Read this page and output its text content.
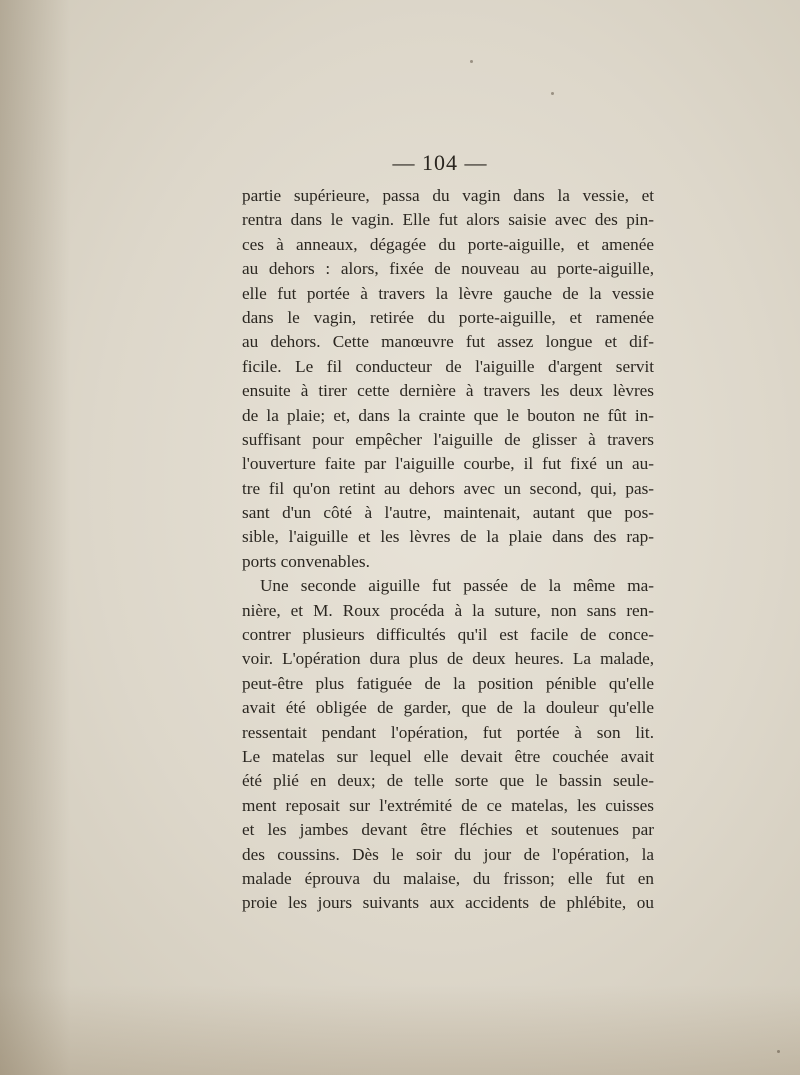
— 104 —

partie supérieure, passa du vagin dans la vessie, et
rentra dans le vagin. Elle fut alors saisie avec des pin-
ces à anneaux, dégagée du porte-aiguille, et amenée
au dehors : alors, fixée de nouveau au porte-aiguille,
elle fut portée à travers la lèvre gauche de la vessie
dans le vagin, retirée du porte-aiguille, et ramenée
au dehors. Cette manœuvre fut assez longue et dif-
ficile. Le fil conducteur de l'aiguille d'argent servit
ensuite à tirer cette dernière à travers les deux lèvres
de la plaie; et, dans la crainte que le bouton ne fût in-
suffisant pour empêcher l'aiguille de glisser à travers
l'ouverture faite par l'aiguille courbe, il fut fixé un au-
tre fil qu'on retint au dehors avec un second, qui, pas-
sant d'un côté à l'autre, maintenait, autant que pos-
sible, l'aiguille et les lèvres de la plaie dans des rap-
ports convenables.

Une seconde aiguille fut passée de la même ma-
nière, et M. Roux procéda à la suture, non sans ren-
contrer plusieurs difficultés qu'il est facile de conce-
voir. L'opération dura plus de deux heures. La malade,
peut-être plus fatiguée de la position pénible qu'elle
avait été obligée de garder, que de la douleur qu'elle
ressentait pendant l'opération, fut portée à son lit.
Le matelas sur lequel elle devait être couchée avait
été plié en deux; de telle sorte que le bassin seule-
ment reposait sur l'extrémité de ce matelas, les cuisses
et les jambes devant être fléchies et soutenues par
des coussins. Dès le soir du jour de l'opération, la
malade éprouva du malaise, du frisson; elle fut en
proie les jours suivants aux accidents de phlébite, ou
